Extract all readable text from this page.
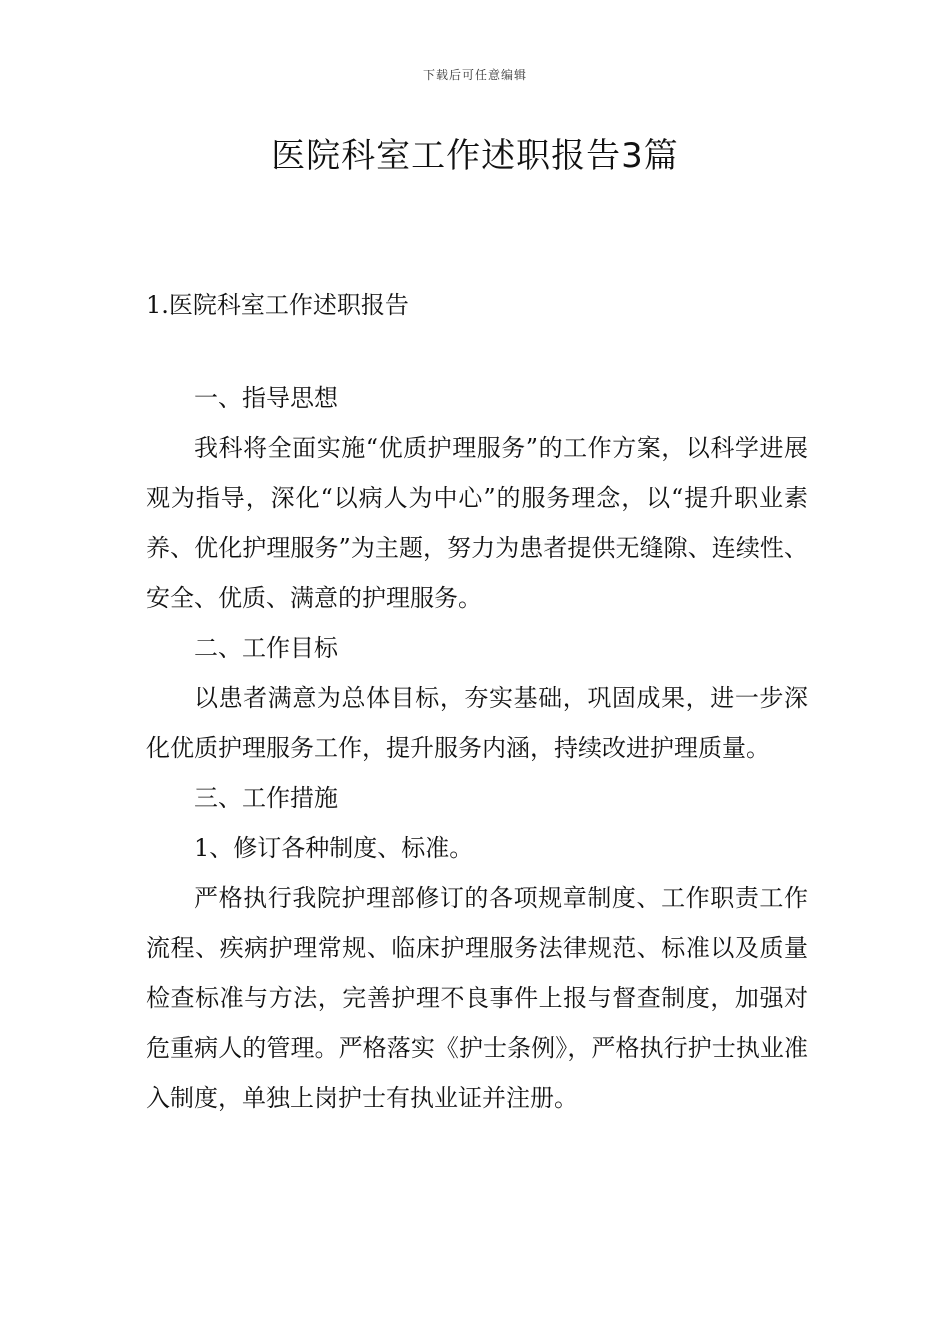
下载后可任意编辑
医院科室工作述职报告3篇
1.医院科室工作述职报告

一、指导思想

我科将全面实施“优质护理服务”的工作方案，以科学进展观为指导，深化“以病人为中心”的服务理念，以“提升职业素养、优化护理服务”为主题，努力为患者提供无缝隙、连续性、安全、优质、满意的护理服务。

二、工作目标

以患者满意为总体目标，夯实基础，巩固成果，进一步深化优质护理服务工作，提升服务内涵，持续改进护理质量。

三、工作措施

1、修订各种制度、标准。

严格执行我院护理部修订的各项规章制度、工作职责工作流程、疾病护理常规、临床护理服务法律规范、标准以及质量检查标准与方法，完善护理不良事件上报与督查制度，加强对危重病人的管理。严格落实《护士条例》，严格执行护士执业准入制度，单独上岗护士有执业证并注册。
